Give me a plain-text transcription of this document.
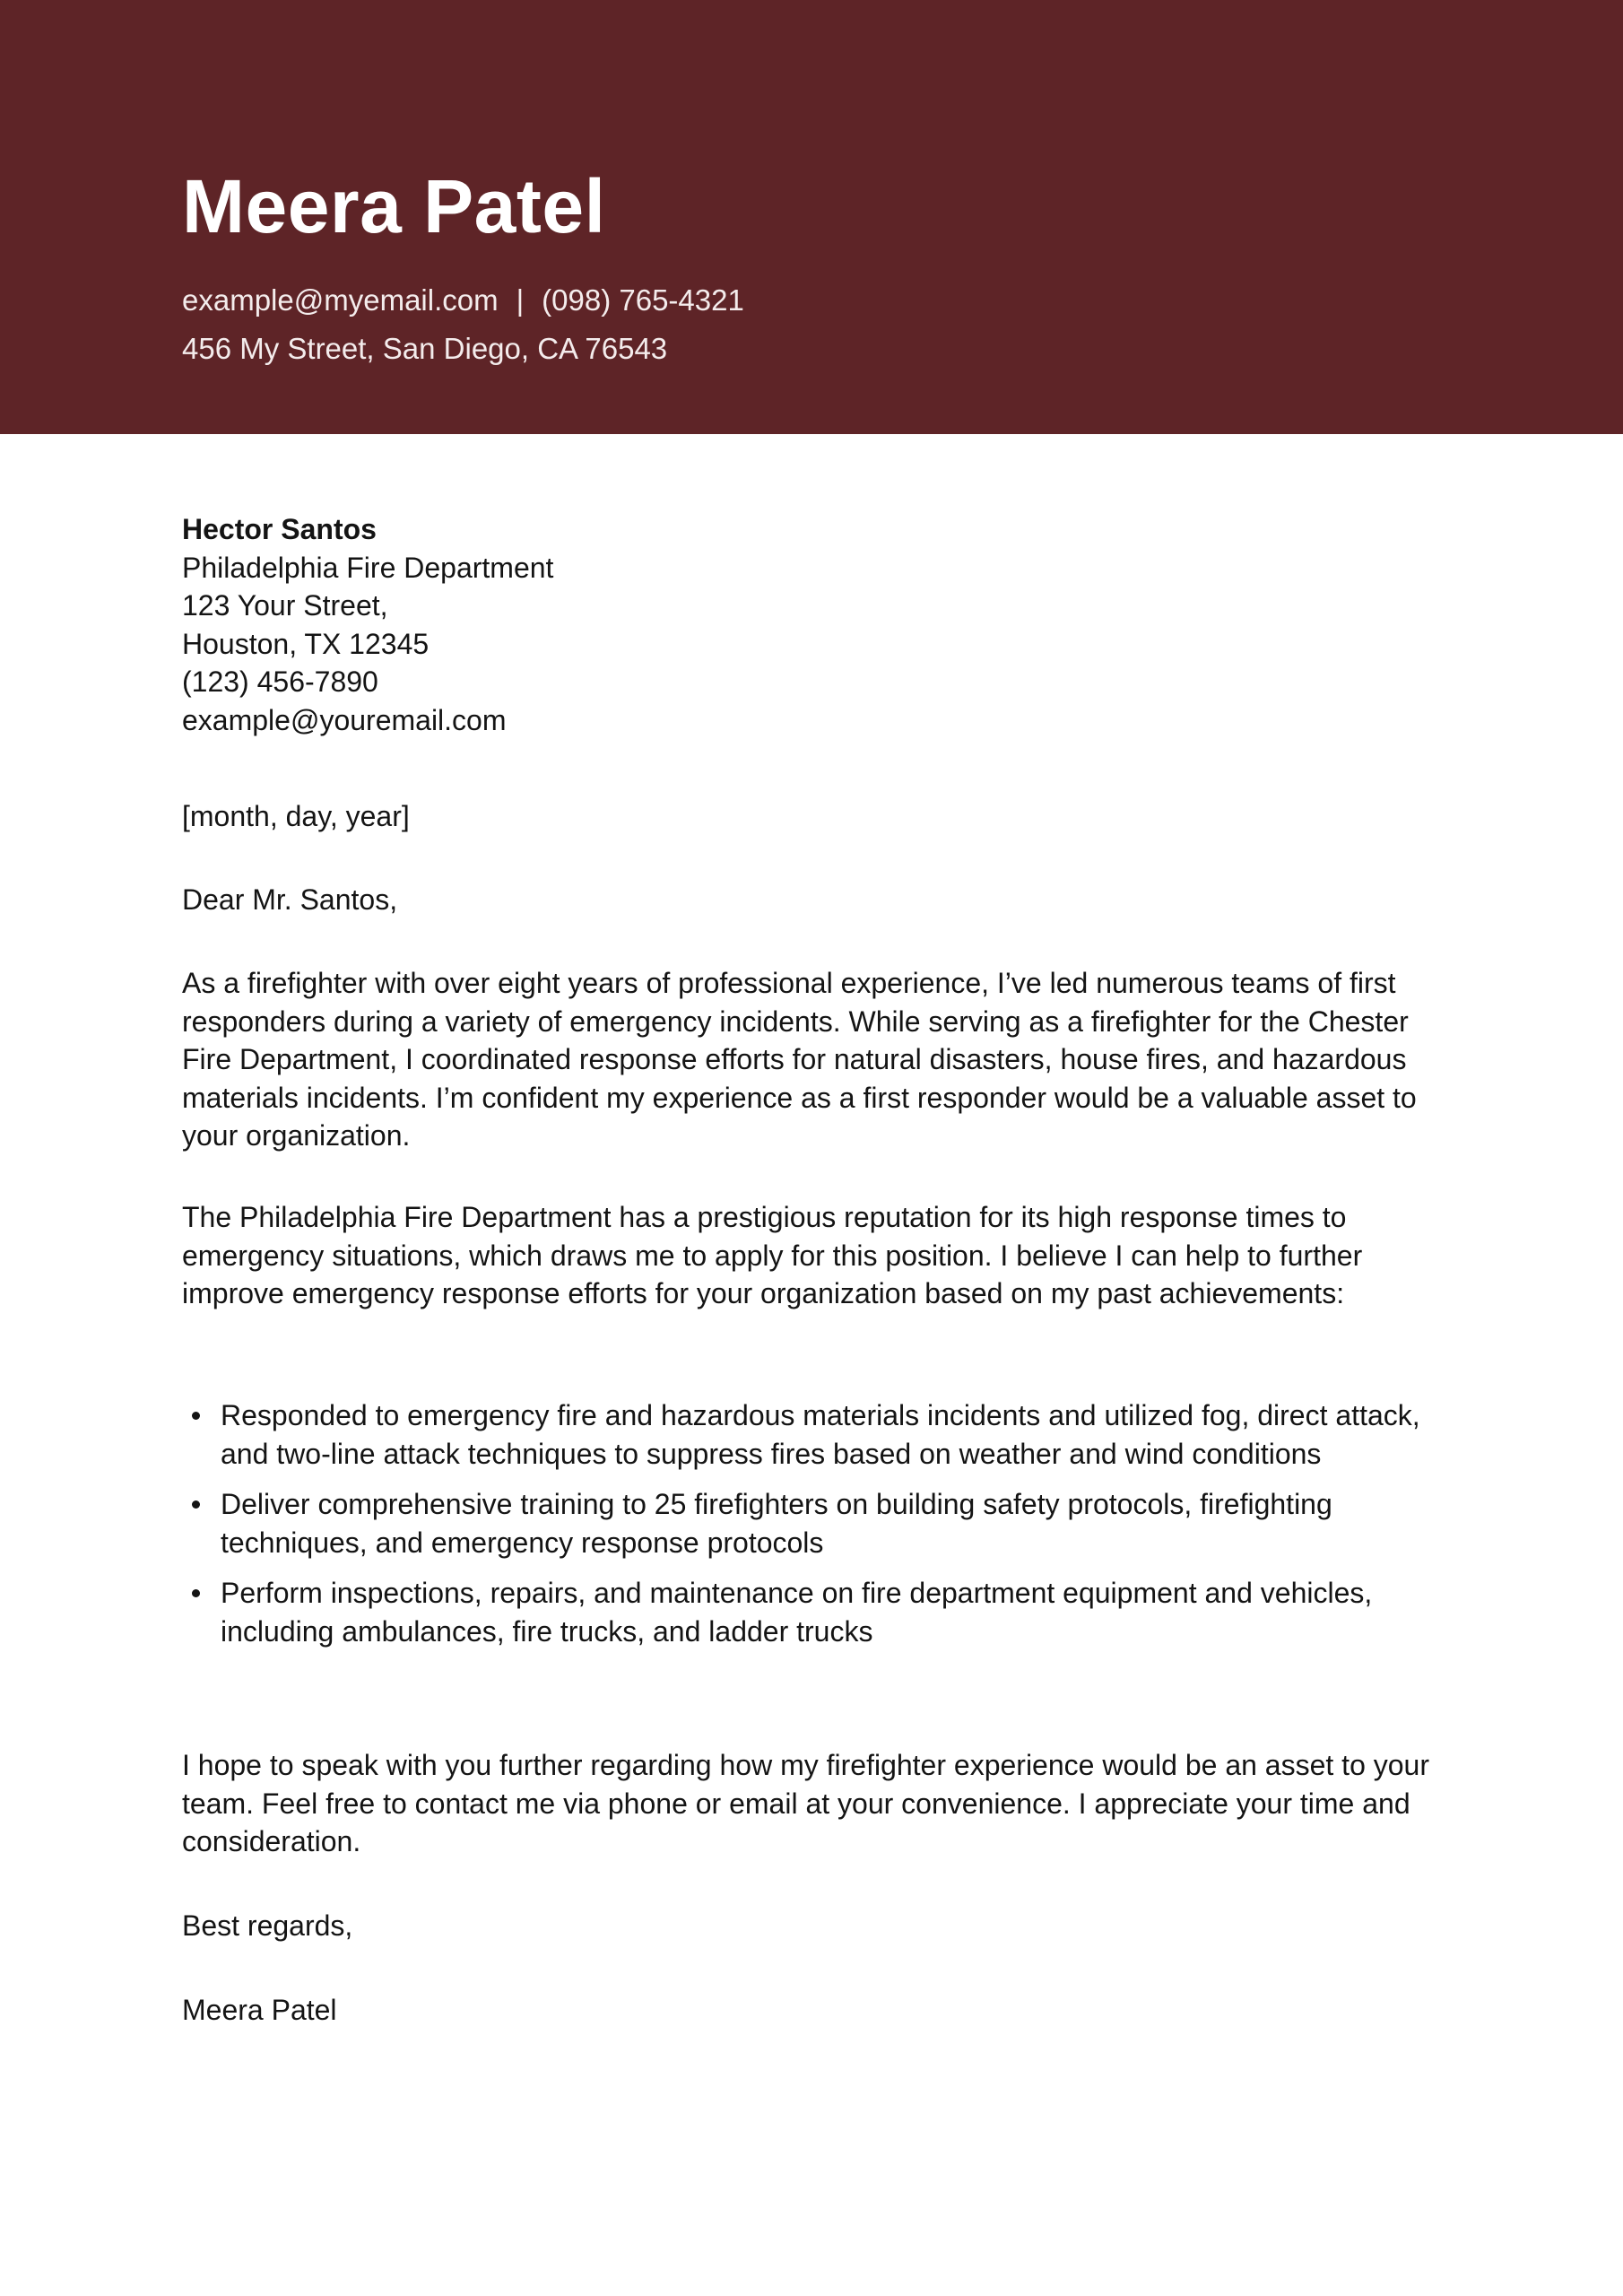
Meera Patel
example@myemail.com | (098) 765-4321
456 My Street, San Diego, CA 76543
Hector Santos
Philadelphia Fire Department
123 Your Street,
Houston, TX 12345
(123) 456-7890
example@youremail.com
[month, day, year]
Dear Mr. Santos,
As a firefighter with over eight years of professional experience, I’ve led numerous teams of first responders during a variety of emergency incidents. While serving as a firefighter for the Chester Fire Department, I coordinated response efforts for natural disasters, house fires, and hazardous materials incidents. I’m confident my experience as a first responder would be a valuable asset to your organization.
The Philadelphia Fire Department has a prestigious reputation for its high response times to emergency situations, which draws me to apply for this position. I believe I can help to further improve emergency response efforts for your organization based on my past achievements:
Responded to emergency fire and hazardous materials incidents and utilized fog, direct attack, and two-line attack techniques to suppress fires based on weather and wind conditions
Deliver comprehensive training to 25 firefighters on building safety protocols, firefighting techniques, and emergency response protocols
Perform inspections, repairs, and maintenance on fire department equipment and vehicles, including ambulances, fire trucks, and ladder trucks
I hope to speak with you further regarding how my firefighter experience would be an asset to your team. Feel free to contact me via phone or email at your convenience. I appreciate your time and consideration.
Best regards,
Meera Patel
